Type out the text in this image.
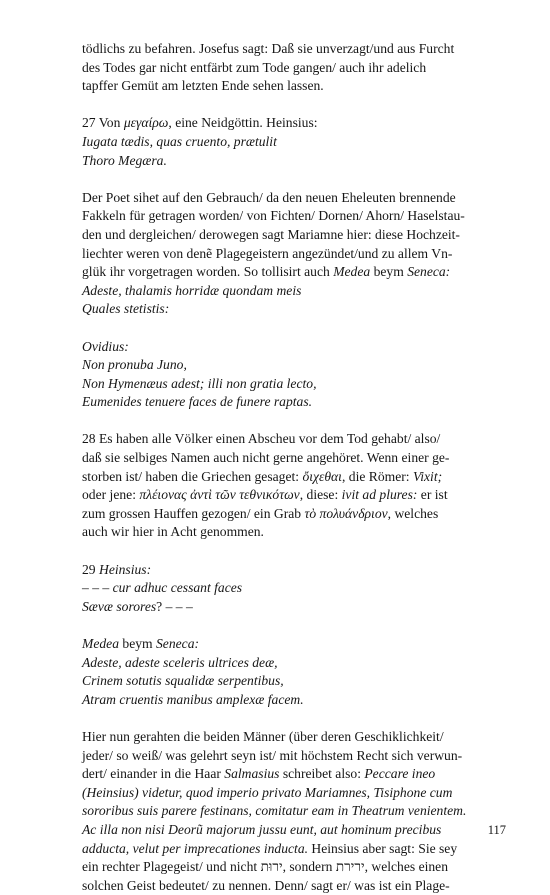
tödlichs zu befahren. Josefus sagt: Daß sie unverzagt/und aus Furcht
des Todes gar nicht entfärbt zum Tode gangen/ auch ihr adelich
tapffer Gemüt am letzten Ende sehen lassen.

27 Von μεγαίρω, eine Neidgöttin. Heinsius:
Iugata tædis, quas cruento, prætulit
Thoro Megæra.

Der Poet sihet auf den Gebrauch/ da den neuen Eheleuten brennende
Fakkeln für getragen worden/ von Fichten/ Dornen/ Ahorn/ Haselstau-
den und dergleichen/ derowegen sagt Mariamne hier: diese Hochzeit-
liechter weren von denẽ Plagegeistern angezündet/und zu allem Vn-
glük ihr vorgetragen worden. So tollisirt auch Medea beym Seneca:
Adeste, thalamis horridæ quondam meis
Quales stetistis:

Ovidius:
Non pronuba Juno,
Non Hymenæus adest; illi non gratia lecto,
Eumenides tenuere faces de funere raptas.

28 Es haben alle Völker einen Abscheu vor dem Tod gehabt/ also/
daß sie selbiges Namen auch nicht gerne angehöret. Wenn einer ge-
storben ist/ haben die Griechen gesaget: ὄιχεθαι, die Römer: Vixit;
oder jene: πλέιονας ἀντὶ τῶν τεθνικότων, diese: ivit ad plures: er ist
zum grossen Hauffen gezogen/ ein Grab τὸ πολυάνδριον, welches
auch wir hier in Acht genommen.

29 Heinsius:
– – – cur adhuc cessant faces
Sævæ sorores? – – –

Medea beym Seneca:
Adeste, adeste sceleris ultrices deæ,
Crinem sotutis squalidæ serpentibus,
Atram cruentis manibus amplexæ facem.

Hier nun gerahten die beiden Männer (über deren Geschiklichkeit/
jeder/ so weiß/ was gelehrt seyn ist/ mit höchstem Recht sich verwun-
dert/ einander in die Haar Salmasius schreibet also: Peccare ineo
(Heinsius) videtur, quod imperio privato Mariamnes, Tisiphone cum
sororibus suis parere festinans, comitatur eam in Theatrum venientem.
Ac illa non nisi Deorũ majorum jussu eunt, aut hominum precibus
adducta, velut per imprecationes inducta. Heinsius aber sagt: Sie sey
ein rechter Plagegeist/ und nicht ירוּת, sondern ירירת, welches einen
solchen Geist bedeutet/ zu nennen. Denn/ sagt er/ was ist ein Plage-

117
